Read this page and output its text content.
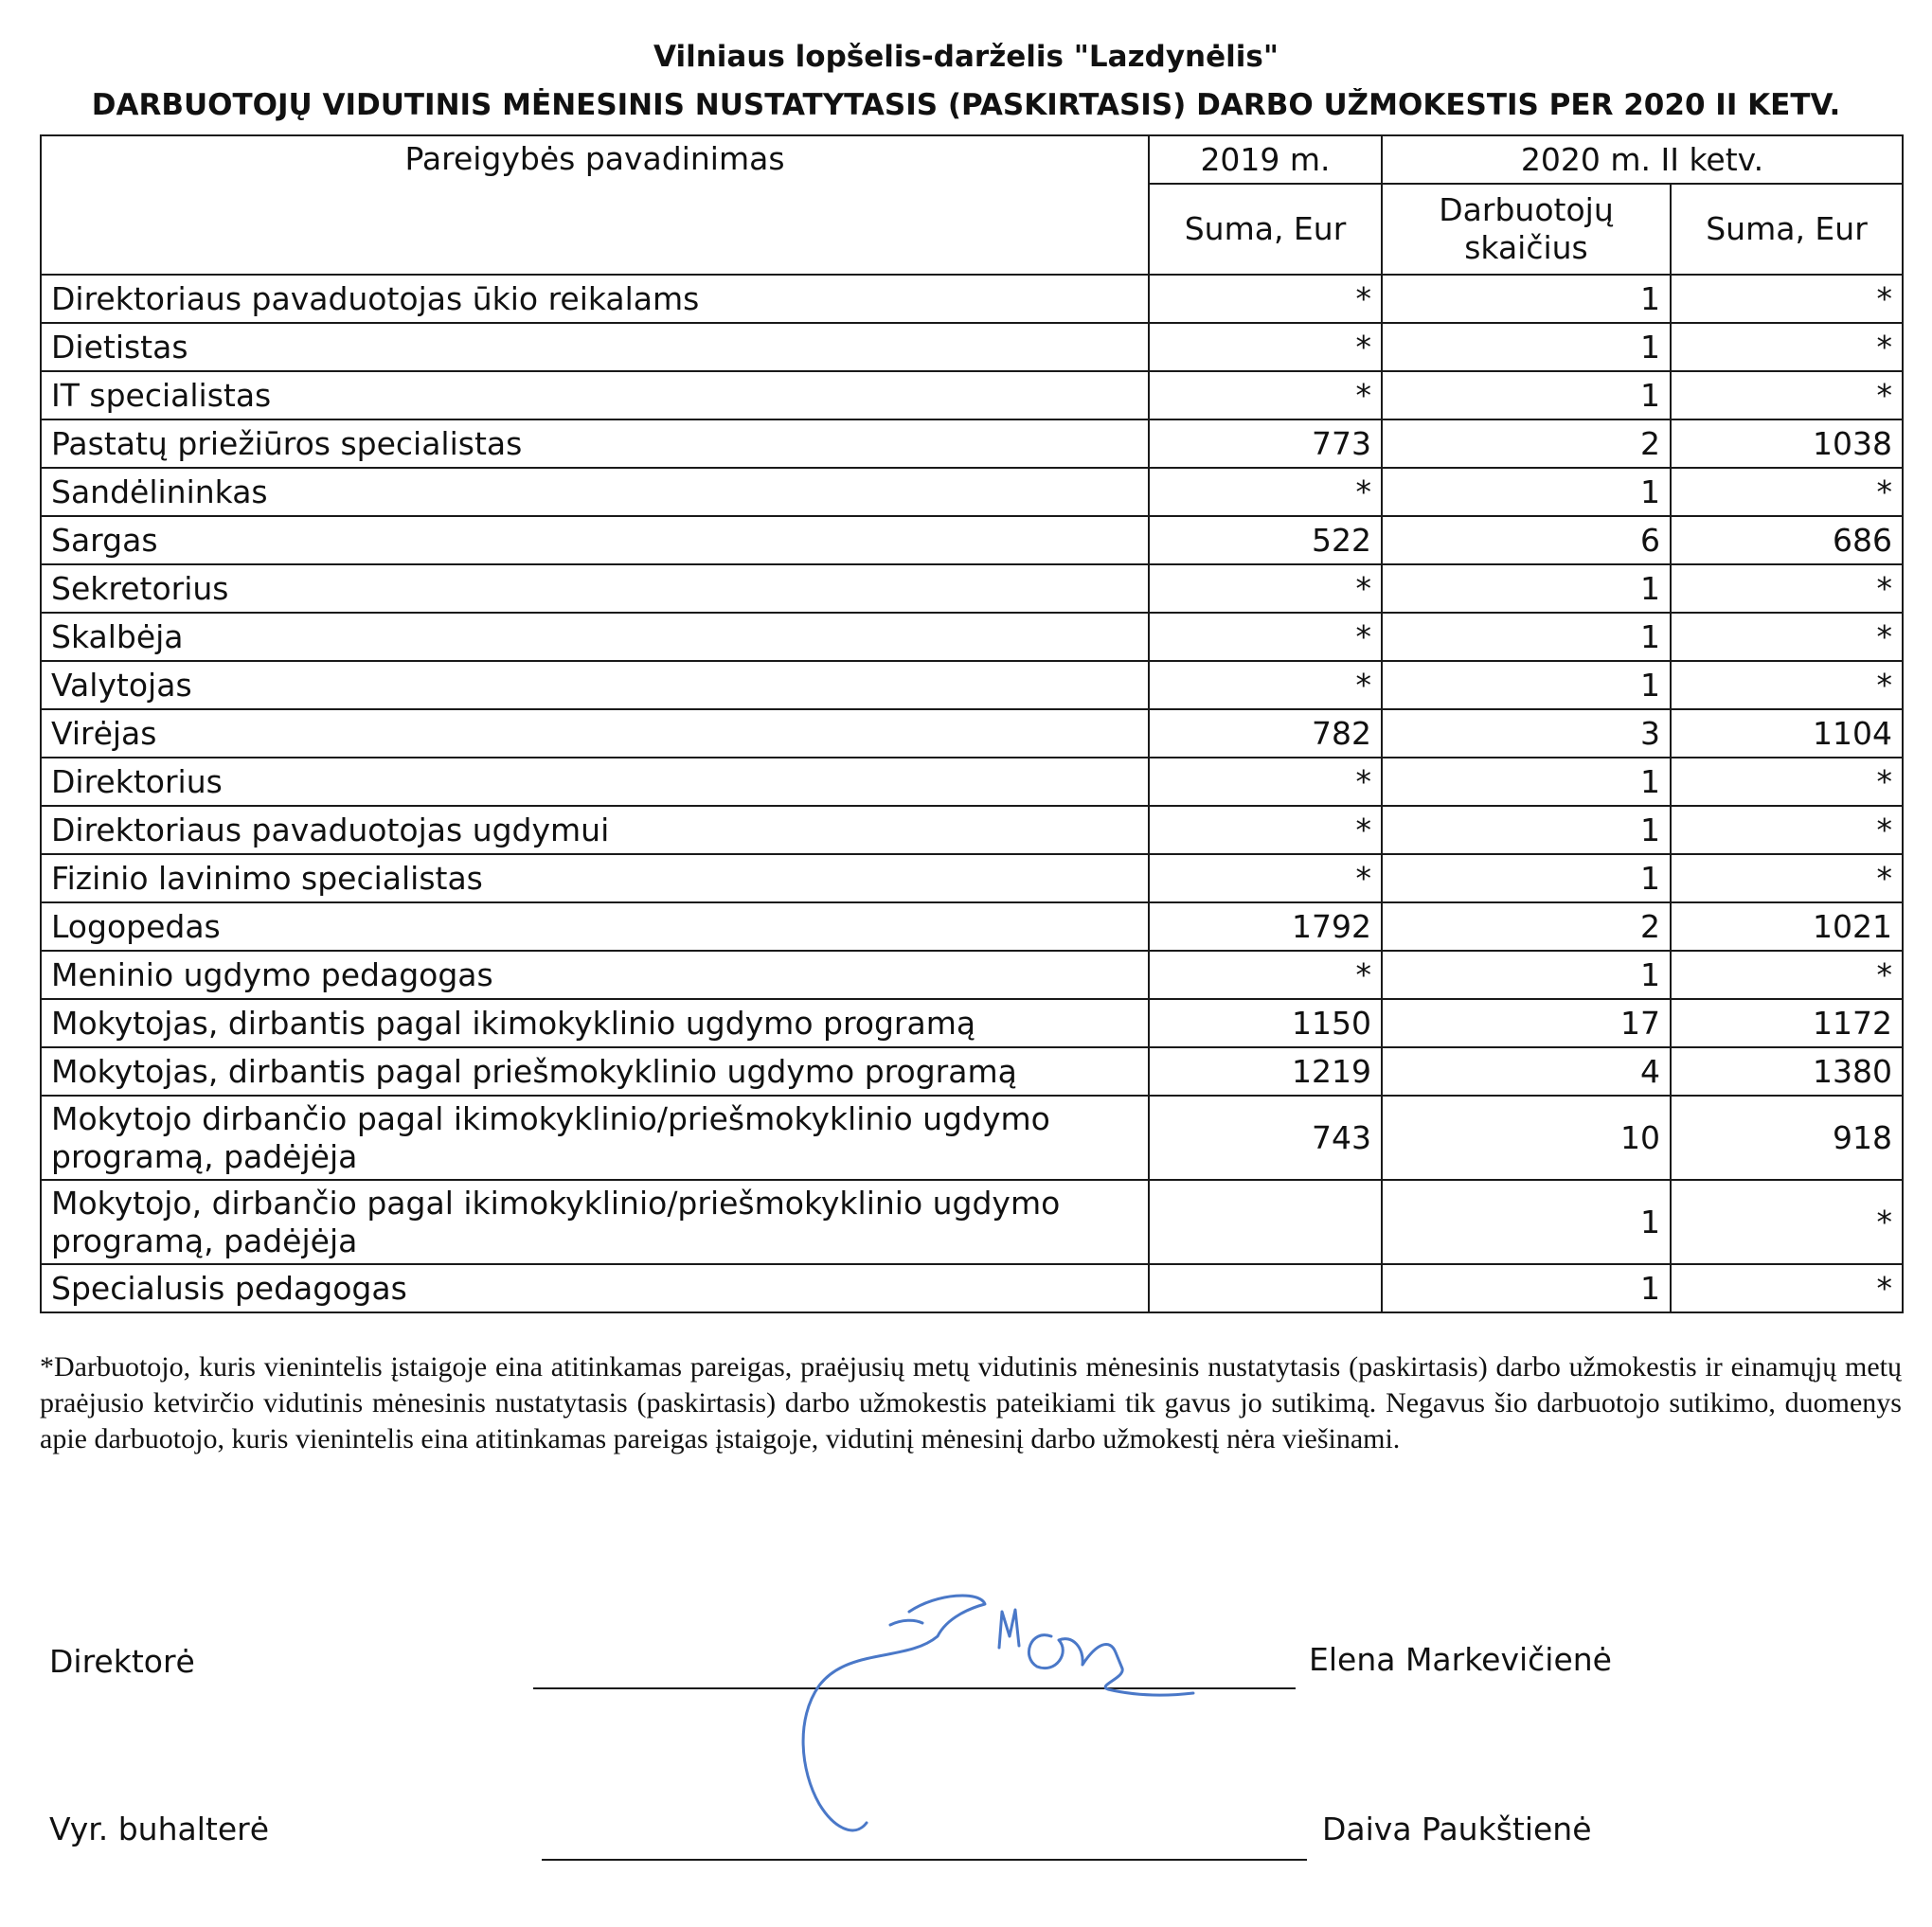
Vilniaus lopšelis-darželis "Lazdynėlis"
DARBUOTOJŲ VIDUTINIS MĖNESINIS NUSTATYTASIS (PASKIRTASIS) DARBO UŽMOKESTIS PER 2020 II KETV.
Pareigybės pavadinimas	2019 m.	2020 m. II ketv.	
	Suma, Eur	Darbuotojų skaičius	Suma, Eur
Direktoriaus pavaduotojas ūkio reikalams	*	1	*
Dietistas	*	1	*
IT specialistas	*	1	*
Pastatų priežiūros specialistas	773	2	1038
Sandėlininkas	*	1	*
Sargas	522	6	686
Sekretorius	*	1	*
Skalbėja	*	1	*
Valytojas	*	1	*
Virėjas	782	3	1104
Direktorius	*	1	*
Direktoriaus pavaduotojas ugdymui	*	1	*
Fizinio lavinimo specialistas	*	1	*
Logopedas	1792	2	1021
Meninio ugdymo pedagogas	*	1	*
Mokytojas, dirbantis pagal ikimokyklinio ugdymo programą	1150	17	1172
Mokytojas, dirbantis pagal priešmokyklinio ugdymo programą	1219	4	1380
Mokytojo dirbančio pagal ikimokyklinio/priešmokyklinio ugdymo programą, padėjėja	743	10	918
Mokytojo, dirbančio pagal ikimokyklinio/priešmokyklinio ugdymo programą, padėjėja		1	*
Specialusis pedagogas		1	*
*Darbuotojo, kuris vienintelis įstaigoje eina atitinkamas pareigas, praėjusių metų vidutinis mėnesinis nustatytasis (paskirtasis) darbo užmokestis ir einamųjų metų praėjusio ketvirčio vidutinis mėnesinis nustatytasis (paskirtasis) darbo užmokestis pateikiami tik gavus jo sutikimą. Negavus šio darbuotojo sutikimo, duomenys apie darbuotojo, kuris vienintelis eina atitinkamas pareigas įstaigoje, vidutinį mėnesinį darbo užmokestį nėra viešinami.
Direktorė	Elena Markevičienė
Vyr. buhalterė	Daiva Paukštienė
